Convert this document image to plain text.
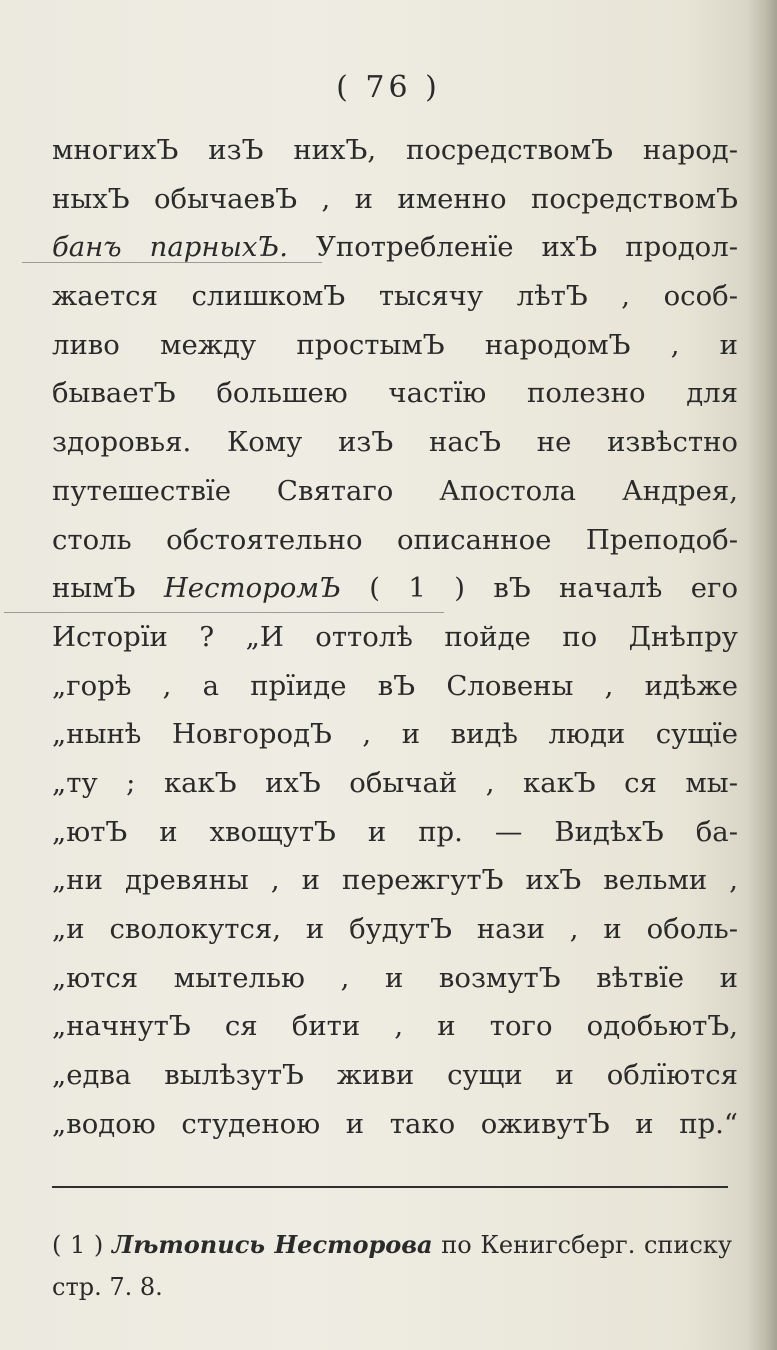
( 76 )
многихЪ изЪ нихЪ, посредствомЪ народ-
ныхЪ обычаевЪ , и именно посредствомЪ
банъ парныхЪ. Употребленїе ихЪ продол-
жается слишкомЪ тысячу лѣтЪ , особ-
ливо между простымЪ народомЪ , и
бываетЪ большею частїю полезно для
здоровья. Кому изЪ насЪ не извѣстно
путешествїе Святаго Апостола Андрея,
столь обстоятельно описанное Преподоб-
нымЪ НесторомЪ ( 1 ) вЪ началѣ его
Исторїи ? „И оттолѣ пойде по Днѣпру
„горѣ , а прїиде вЪ Словены , идѣже
„нынѣ НовгородЪ , и видѣ люди сущїе
„ту ; какЪ ихЪ обычай , какЪ ся мы-
„ютЪ и хвощутЪ и пр. — ВидѣхЪ ба-
„ни древяны , и пережгутЪ ихЪ вельми ,
„и сволокутся, и будутЪ нази , и оболь-
„ются мытелью , и возмутЪ вѣтвїе и
„начнутЪ ся бити , и того одобьютЪ,
„едва вылѣзутЪ живи сущи и облїются
„водою студеною и тако оживутЪ и пр.“
( 1 ) Лѣтопись Несторова по Кенигсберг. списку
стр. 7. 8.
